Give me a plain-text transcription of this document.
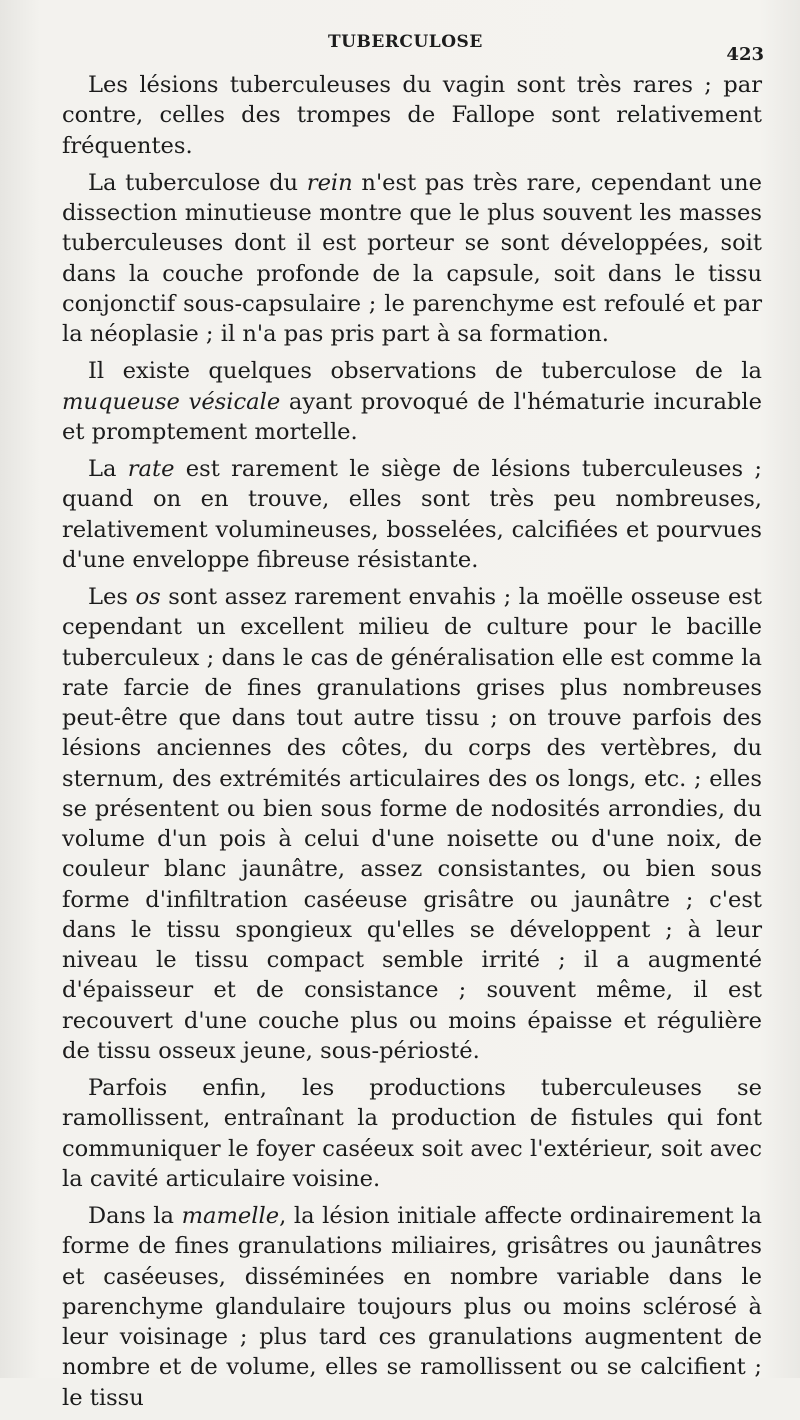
TUBERCULOSE
423

Les lésions tuberculeuses du vagin sont très rares ; par contre, celles des trompes de Fallope sont relativement fréquentes.

La tuberculose du rein n'est pas très rare, cependant une dissection minutieuse montre que le plus souvent les masses tuberculeuses dont il est porteur se sont développées, soit dans la couche profonde de la capsule, soit dans le tissu conjonctif sous-capsulaire ; le parenchyme est refoulé et par la néoplasie ; il n'a pas pris part à sa formation.

Il existe quelques observations de tuberculose de la muqueuse vésicale ayant provoqué de l'hématurie incurable et promptement mortelle.

La rate est rarement le siège de lésions tuberculeuses ; quand on en trouve, elles sont très peu nombreuses, relativement volumineuses, bosselées, calcifiées et pourvues d'une enveloppe fibreuse résistante.

Les os sont assez rarement envahis ; la moëlle osseuse est cependant un excellent milieu de culture pour le bacille tuberculeux ; dans le cas de généralisation elle est comme la rate farcie de fines granulations grises plus nombreuses peut-être que dans tout autre tissu ; on trouve parfois des lésions anciennes des côtes, du corps des vertèbres, du sternum, des extrémités articulaires des os longs, etc. ; elles se présentent ou bien sous forme de nodosités arrondies, du volume d'un pois à celui d'une noisette ou d'une noix, de couleur blanc jaunâtre, assez consistantes, ou bien sous forme d'infiltration caséeuse grisâtre ou jaunâtre ; c'est dans le tissu spongieux qu'elles se développent ; à leur niveau le tissu compact semble irrité ; il a augmenté d'épaisseur et de consistance ; souvent même, il est recouvert d'une couche plus ou moins épaisse et régulière de tissu osseux jeune, sous-périosté.

Parfois enfin, les productions tuberculeuses se ramollissent, entraînant la production de fistules qui font communiquer le foyer caséeux soit avec l'extérieur, soit avec la cavité articulaire voisine.

Dans la mamelle, la lésion initiale affecte ordinairement la forme de fines granulations miliaires, grisâtres ou jaunâtres et caséeuses, disséminées en nombre variable dans le parenchyme glandulaire toujours plus ou moins sclérosé à leur voisinage ; plus tard ces granulations augmentent de nombre et de volume, elles se ramollissent ou se calcifient ; le tissu
